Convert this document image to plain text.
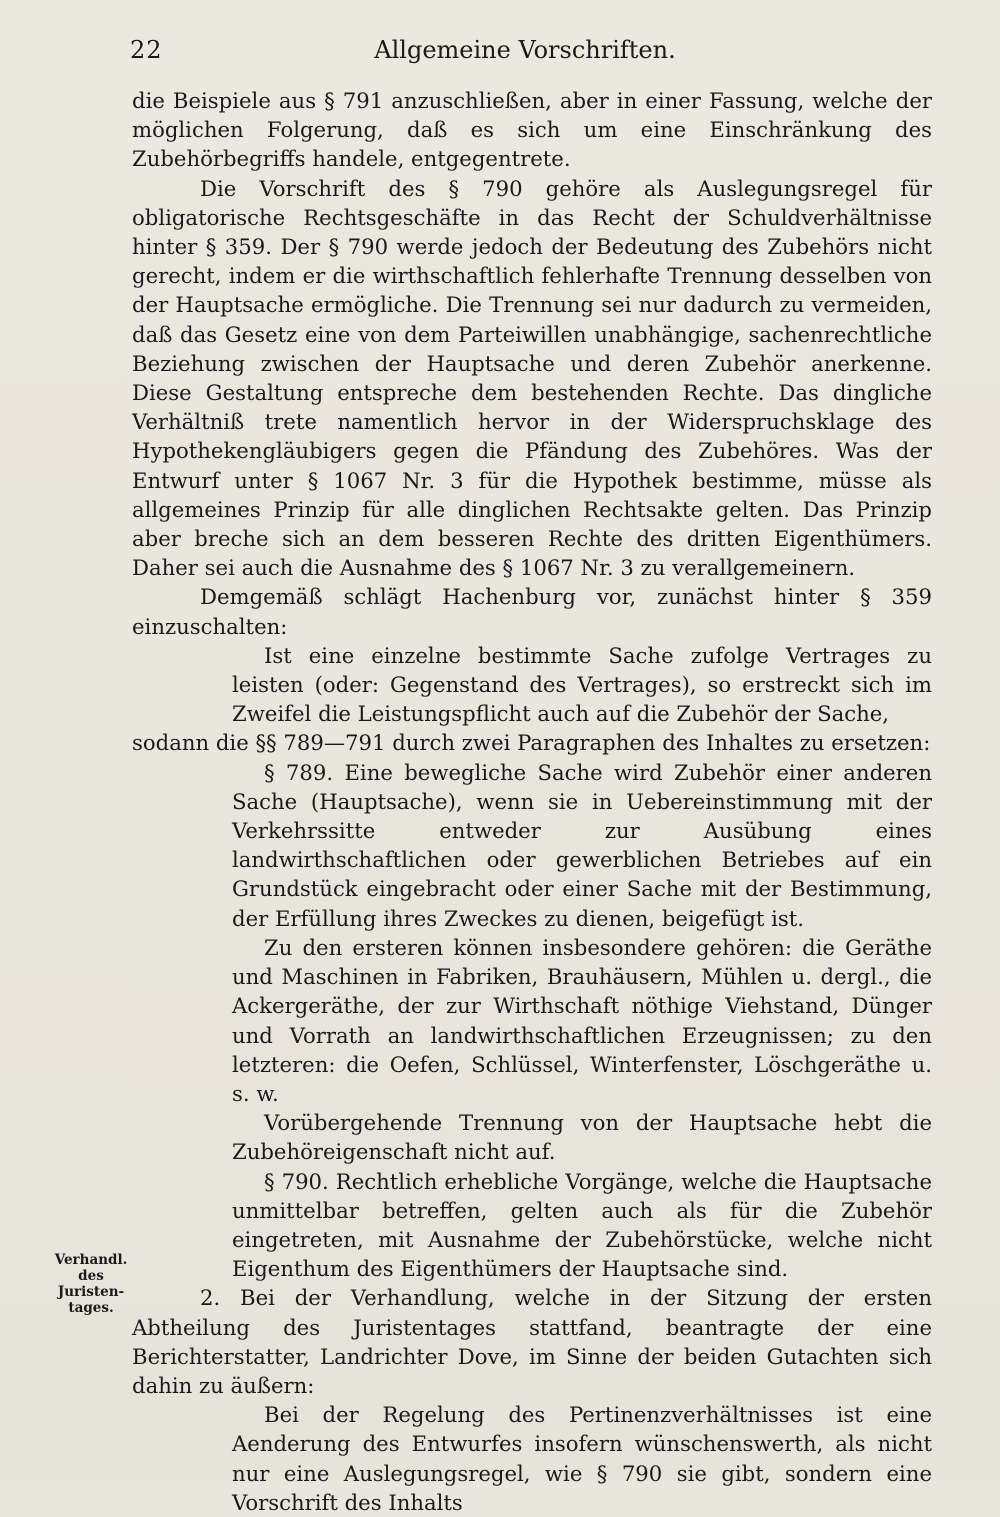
22	Allgemeine Vorschriften.

die Beispiele aus § 791 anzuschließen, aber in einer Fassung, welche der möglichen Folgerung, daß es sich um eine Einschränkung des Zubehörbegriffs handele, entgegentrete.

Die Vorschrift des § 790 gehöre als Auslegungsregel für obligatorische Rechtsgeschäfte in das Recht der Schuldverhältnisse hinter § 359. Der § 790 werde jedoch der Bedeutung des Zubehörs nicht gerecht, indem er die wirthschaftlich fehlerhafte Trennung desselben von der Hauptsache ermögliche. Die Trennung sei nur dadurch zu vermeiden, daß das Gesetz eine von dem Parteiwillen unabhängige, sachenrechtliche Beziehung zwischen der Hauptsache und deren Zubehör anerkenne. Diese Gestaltung entspreche dem bestehenden Rechte. Das dingliche Verhältniß trete namentlich hervor in der Widerspruchsklage des Hypothekengläubigers gegen die Pfändung des Zubehöres. Was der Entwurf unter § 1067 Nr. 3 für die Hypothek bestimme, müsse als allgemeines Prinzip für alle dinglichen Rechtsakte gelten. Das Prinzip aber breche sich an dem besseren Rechte des dritten Eigenthümers. Daher sei auch die Ausnahme des § 1067 Nr. 3 zu verallgemeinern.

Demgemäß schlägt Hachenburg vor, zunächst hinter § 359 einzuschalten:

Ist eine einzelne bestimmte Sache zufolge Vertrages zu leisten (oder: Gegenstand des Vertrages), so erstreckt sich im Zweifel die Leistungspflicht auch auf die Zubehör der Sache,

sodann die §§ 789—791 durch zwei Paragraphen des Inhaltes zu ersetzen:

§ 789. Eine bewegliche Sache wird Zubehör einer anderen Sache (Hauptsache), wenn sie in Uebereinstimmung mit der Verkehrssitte entweder zur Ausübung eines landwirthschaftlichen oder gewerblichen Betriebes auf ein Grundstück eingebracht oder einer Sache mit der Bestimmung, der Erfüllung ihres Zweckes zu dienen, beigefügt ist.

Zu den ersteren können insbesondere gehören: die Geräthe und Maschinen in Fabriken, Brauhäusern, Mühlen u. dergl., die Ackergeräthe, der zur Wirthschaft nöthige Viehstand, Dünger und Vorrath an landwirthschaftlichen Erzeugnissen; zu den letzteren: die Oefen, Schlüssel, Winterfenster, Löschgeräthe u. s. w.

Vorübergehende Trennung von der Hauptsache hebt die Zubehöreigenschaft nicht auf.

§ 790. Rechtlich erhebliche Vorgänge, welche die Hauptsache unmittelbar betreffen, gelten auch als für die Zubehör eingetreten, mit Ausnahme der Zubehörstücke, welche nicht Eigenthum des Eigenthümers der Hauptsache sind.

2. Bei der Verhandlung, welche in der Sitzung der ersten Abtheilung des Juristentages stattfand, beantragte der eine Berichterstatter, Landrichter Dove, im Sinne der beiden Gutachten sich dahin zu äußern:

Bei der Regelung des Pertinenzverhältnisses ist eine Aenderung des Entwurfes insofern wünschenswerth, als nicht nur eine Auslegungsregel, wie § 790 sie gibt, sondern eine Vorschrift des Inhalts

Verhandl.
des Juristen-
tages.
